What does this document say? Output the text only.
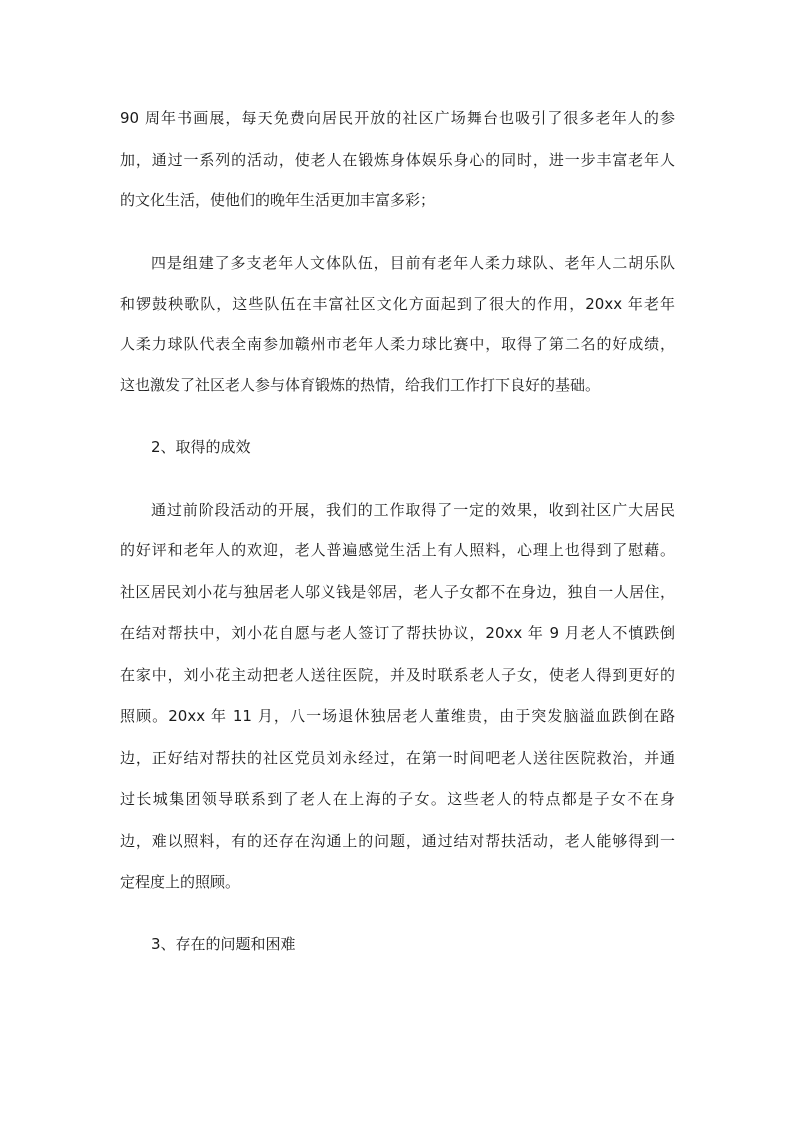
90 周年书画展，每天免费向居民开放的社区广场舞台也吸引了很多老年人的参
加，通过一系列的活动，使老人在锻炼身体娱乐身心的同时，进一步丰富老年人
的文化生活，使他们的晚年生活更加丰富多彩；
四是组建了多支老年人文体队伍，目前有老年人柔力球队、老年人二胡乐队
和锣鼓秧歌队，这些队伍在丰富社区文化方面起到了很大的作用，20xx 年老年
人柔力球队代表全南参加赣州市老年人柔力球比赛中，取得了第二名的好成绩，
这也激发了社区老人参与体育锻炼的热情，给我们工作打下良好的基础。
2、取得的成效
通过前阶段活动的开展，我们的工作取得了一定的效果，收到社区广大居民
的好评和老年人的欢迎，老人普遍感觉生活上有人照料，心理上也得到了慰藉。
社区居民刘小花与独居老人邬义钱是邻居，老人子女都不在身边，独自一人居住，
在结对帮扶中，刘小花自愿与老人签订了帮扶协议，20xx 年 9 月老人不慎跌倒
在家中，刘小花主动把老人送往医院，并及时联系老人子女，使老人得到更好的
照顾。20xx 年 11 月，八一场退休独居老人董维贵，由于突发脑溢血跌倒在路
边，正好结对帮扶的社区党员刘永经过，在第一时间吧老人送往医院救治，并通
过长城集团领导联系到了老人在上海的子女。这些老人的特点都是子女不在身
边，难以照料，有的还存在沟通上的问题，通过结对帮扶活动，老人能够得到一
定程度上的照顾。
3、存在的问题和困难
